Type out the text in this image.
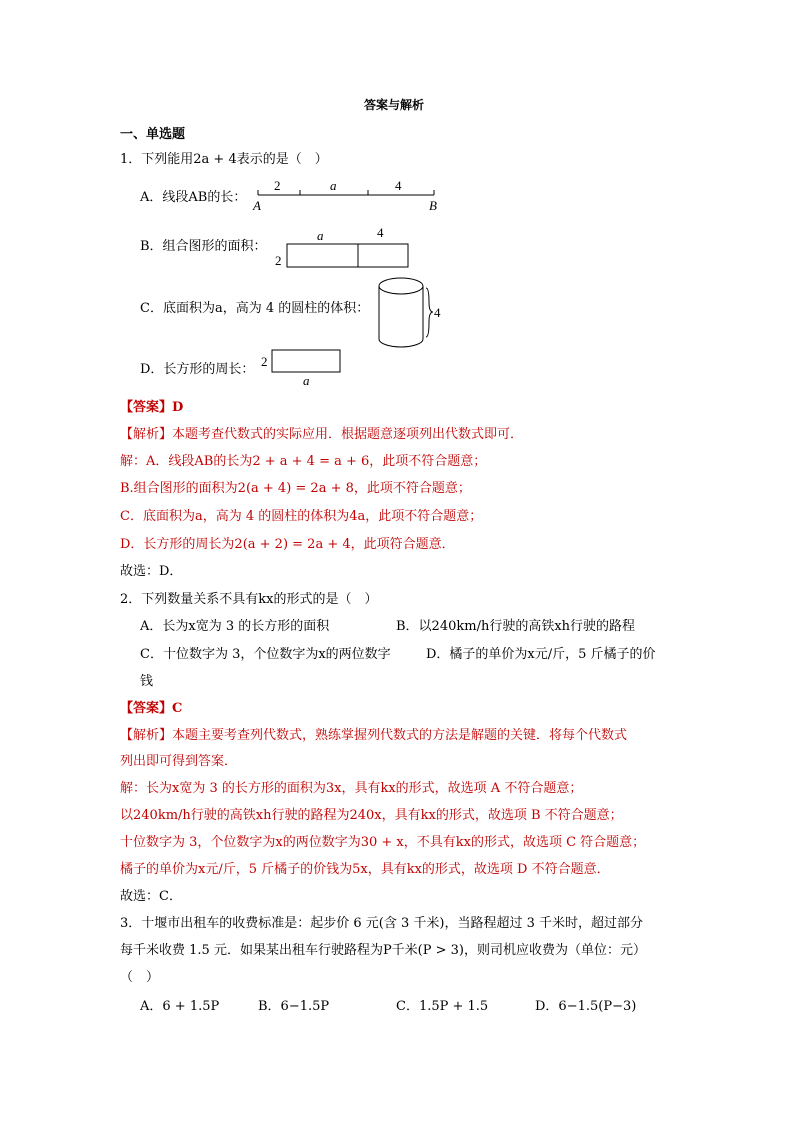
答案与解析
一、单选题
1．下列能用2a + 4表示的是（　）
A．线段AB的长：
2	a	4
A	B
B．组合图形的面积：
a	4
2
C．底面积为a，高为 4 的圆柱的体积：	4
D．长方形的周长：
2
a
【答案】D
【解析】本题考查代数式的实际应用．根据题意逐项列出代数式即可．
解：A．线段AB的长为2 + a + 4 = a + 6，此项不符合题意；
B.组合图形的面积为2(a + 4) = 2a + 8，此项不符合题意；
C．底面积为a，高为 4 的圆柱的体积为4a，此项不符合题意；
D．长方形的周长为2(a + 2) = 2a + 4，此项符合题意．
故选：D．
2．下列数量关系不具有kx的形式的是（　）
A．长为x宽为 3 的长方形的面积	B．以240km/h行驶的高铁xh行驶的路程
C．十位数字为 3，个位数字为x的两位数字	D．橘子的单价为x元/斤，5 斤橘子的价
钱
【答案】C
【解析】本题主要考查列代数式，熟练掌握列代数式的方法是解题的关键．将每个代数式
列出即可得到答案．
解：长为x宽为 3 的长方形的面积为3x，具有kx的形式，故选项 A 不符合题意；
以240km/h行驶的高铁xh行驶的路程为240x，具有kx的形式，故选项 B 不符合题意；
十位数字为 3，个位数字为x的两位数字为30 + x，不具有kx的形式，故选项 C 符合题意；
橘子的单价为x元/斤，5 斤橘子的价钱为5x，具有kx的形式，故选项 D 不符合题意．
故选：C．
3．十堰市出租车的收费标准是：起步价 6 元(含 3 千米)，当路程超过 3 千米时，超过部分
每千米收费 1.5 元．如果某出租车行驶路程为P千米(P > 3)，则司机应收费为（单位：元）
（　）
A．6 + 1.5P	B．6−1.5P	C．1.5P + 1.5	D．6−1.5(P−3)
